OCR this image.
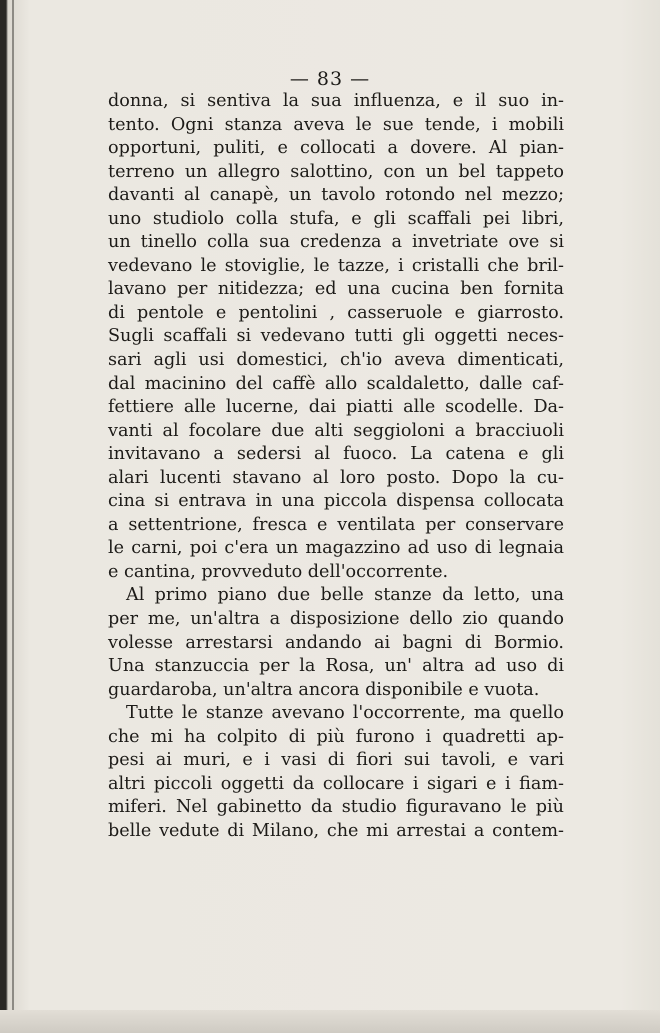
— 83 —
donna, si sentiva la sua influenza, e il suo in-
tento. Ogni stanza aveva le sue tende, i mobili
opportuni, puliti, e collocati a dovere. Al pian-
terreno un allegro salottino, con un bel tappeto
davanti al canapè, un tavolo rotondo nel mezzo;
uno studiolo colla stufa, e gli scaffali pei libri,
un tinello colla sua credenza a invetriate ove si
vedevano le stoviglie, le tazze, i cristalli che bril-
lavano per nitidezza; ed una cucina ben fornita
di pentole e pentolini , casseruole e giarrosto.
Sugli scaffali si vedevano tutti gli oggetti neces-
sari agli usi domestici, ch'io aveva dimenticati,
dal macinino del caffè allo scaldaletto, dalle caf-
fettiere alle lucerne, dai piatti alle scodelle. Da-
vanti al focolare due alti seggioloni a bracciuoli
invitavano a sedersi al fuoco. La catena e gli
alari lucenti stavano al loro posto. Dopo la cu-
cina si entrava in una piccola dispensa collocata
a settentrione, fresca e ventilata per conservare
le carni, poi c'era un magazzino ad uso di legnaia
e cantina, provveduto dell'occorrente.
Al primo piano due belle stanze da letto, una
per me, un'altra a disposizione dello zio quando
volesse arrestarsi andando ai bagni di Bormio.
Una stanzuccia per la Rosa, un' altra ad uso di
guardaroba, un'altra ancora disponibile e vuota.
Tutte le stanze avevano l'occorrente, ma quello
che mi ha colpito di più furono i quadretti ap-
pesi ai muri, e i vasi di fiori sui tavoli, e vari
altri piccoli oggetti da collocare i sigari e i fiam-
miferi. Nel gabinetto da studio figuravano le più
belle vedute di Milano, che mi arrestai a contem-
